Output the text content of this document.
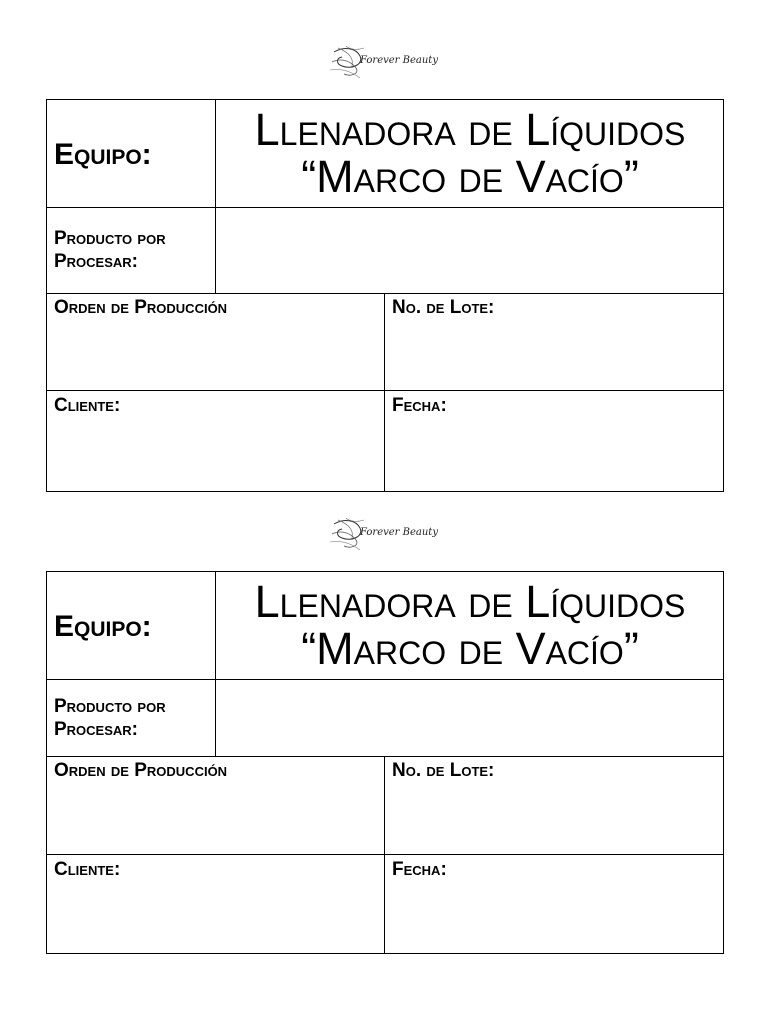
Forever Beauty
Equipo:	Llenadora de Líquidos
“Marco de Vacío”
Producto por
Procesar:
Orden de Producción	No. de Lote:
Cliente:	Fecha:
Forever Beauty
Equipo:	Llenadora de Líquidos
“Marco de Vacío”
Producto por
Procesar:
Orden de Producción	No. de Lote:
Cliente:	Fecha:
